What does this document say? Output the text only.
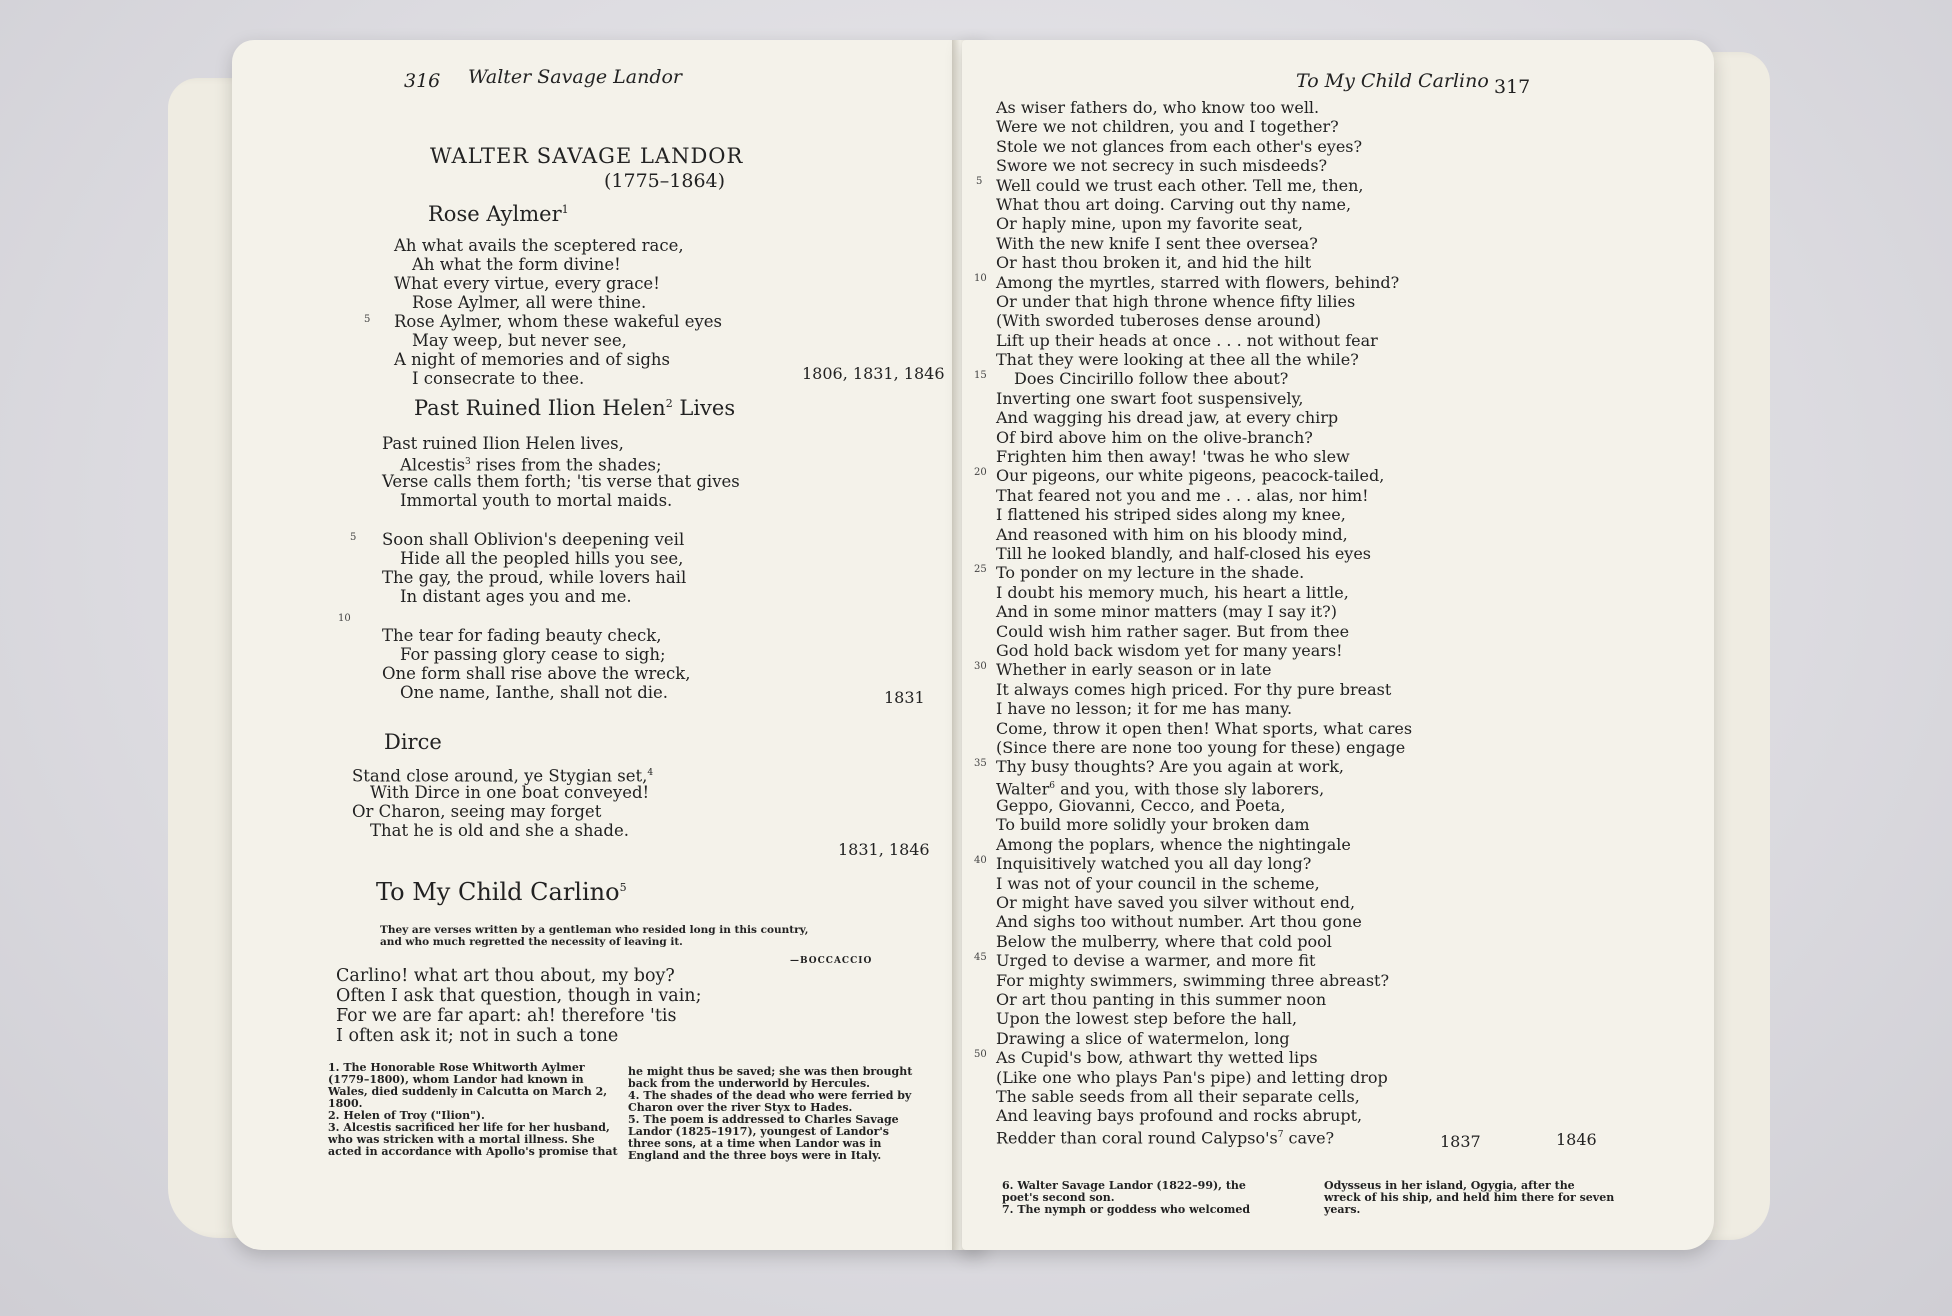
316 Walter Savage Landor
WALTER SAVAGE LANDOR
(1775–1864)
Rose Aylmer$^1$
5
Ah what avails the sceptered race,
Ah what the form divine!
What every virtue, every grace!
Rose Aylmer, all were thine.
Rose Aylmer, whom these wakeful eyes
May weep, but never see,
A night of memories and of sighs
I consecrate to thee.	1806, 1831, 1846
Past Ruined Ilion Helen$^2$ Lives
Past ruined Ilion Helen lives,
Alcestis$^3$ rises from the shades;
Verse calls them forth; 'tis verse that gives
Immortal youth to mortal maids.
Soon shall Oblivion's deepening veil
Hide all the peopled hills you see,
The gay, the proud, while lovers hail
In distant ages you and me.
The tear for fading beauty check,
For passing glory cease to sigh;
One form shall rise above the wreck,
One name, Ianthe, shall not die.
5
10
1831
Dirce
Stand close around, ye Stygian set,$^4$
With Dirce in one boat conveyed!
Or Charon, seeing may forget
That he is old and she a shade.
1831, 1846
To My Child Carlino$^5$
They are verses written by a gentleman who resided long in this country,
and who much regretted the necessity of leaving it.
—BOCCACCIO
Carlino! what art thou about, my boy?
Often I ask that question, though in vain;
For we are far apart: ah! therefore 'tis
I often ask it; not in such a tone
1. The Honorable Rose Whitworth Aylmer
(1779–1800), whom Landor had known in
Wales, died suddenly in Calcutta on March 2,
1800.
2. Helen of Troy ("Ilion").
3. Alcestis sacrificed her life for her husband,
who was stricken with a mortal illness. She
acted in accordance with Apollo's promise that
he might thus be saved; she was then brought
back from the underworld by Hercules.
4. The shades of the dead who were ferried by
Charon over the river Styx to Hades.
5. The poem is addressed to Charles Savage
Landor (1825–1917), youngest of Landor's
three sons, at a time when Landor was in
England and the three boys were in Italy.
To My Child Carlino 317
As wiser fathers do, who know too well.
Were we not children, you and I together?
Stole we not glances from each other's eyes?
Swore we not secrecy in such misdeeds?
Well could we trust each other. Tell me, then,
What thou art doing. Carving out thy name,
Or haply mine, upon my favorite seat,
With the new knife I sent thee oversea?
Or hast thou broken it, and hid the hilt
Among the myrtles, starred with flowers, behind?
Or under that high throne whence fifty lilies
(With sworded tuberoses dense around)
Lift up their heads at once . . . not without fear
That they were looking at thee all the while?
Does Cincirillo follow thee about?
Inverting one swart foot suspensively,
And wagging his dread jaw, at every chirp
Of bird above him on the olive-branch?
Frighten him then away! 'twas he who slew
Our pigeons, our white pigeons, peacock-tailed,
That feared not you and me . . . alas, nor him!
I flattened his striped sides along my knee,
And reasoned with him on his bloody mind,
Till he looked blandly, and half-closed his eyes
To ponder on my lecture in the shade.
I doubt his memory much, his heart a little,
And in some minor matters (may I say it?)
Could wish him rather sager. But from thee
God hold back wisdom yet for many years!
Whether in early season or in late
It always comes high priced. For thy pure breast
I have no lesson; it for me has many.
Come, throw it open then! What sports, what cares
(Since there are none too young for these) engage
Thy busy thoughts? Are you again at work,
Walter$^6$ and you, with those sly laborers,
Geppo, Giovanni, Cecco, and Poeta,
To build more solidly your broken dam
Among the poplars, whence the nightingale
Inquisitively watched you all day long?
I was not of your council in the scheme,
Or might have saved you silver without end,
And sighs too without number. Art thou gone
Below the mulberry, where that cold pool
Urged to devise a warmer, and more fit
For mighty swimmers, swimming three abreast?
Or art thou panting in this summer noon
Upon the lowest step before the hall,
Drawing a slice of watermelon, long
As Cupid's bow, athwart thy wetted lips
(Like one who plays Pan's pipe) and letting drop
The sable seeds from all their separate cells,
And leaving bays profound and rocks abrupt,
Redder than coral round $Calypso's^7$ cave?
5
10
15
20
25
30
35
40
45
50
1837	1846
6. Walter Savage Landor (1822–99), the
poet's second son.
7. The nymph or goddess who welcomed
Odysseus in her island, Ogygia, after the
wreck of his ship, and held him there for seven
years.
